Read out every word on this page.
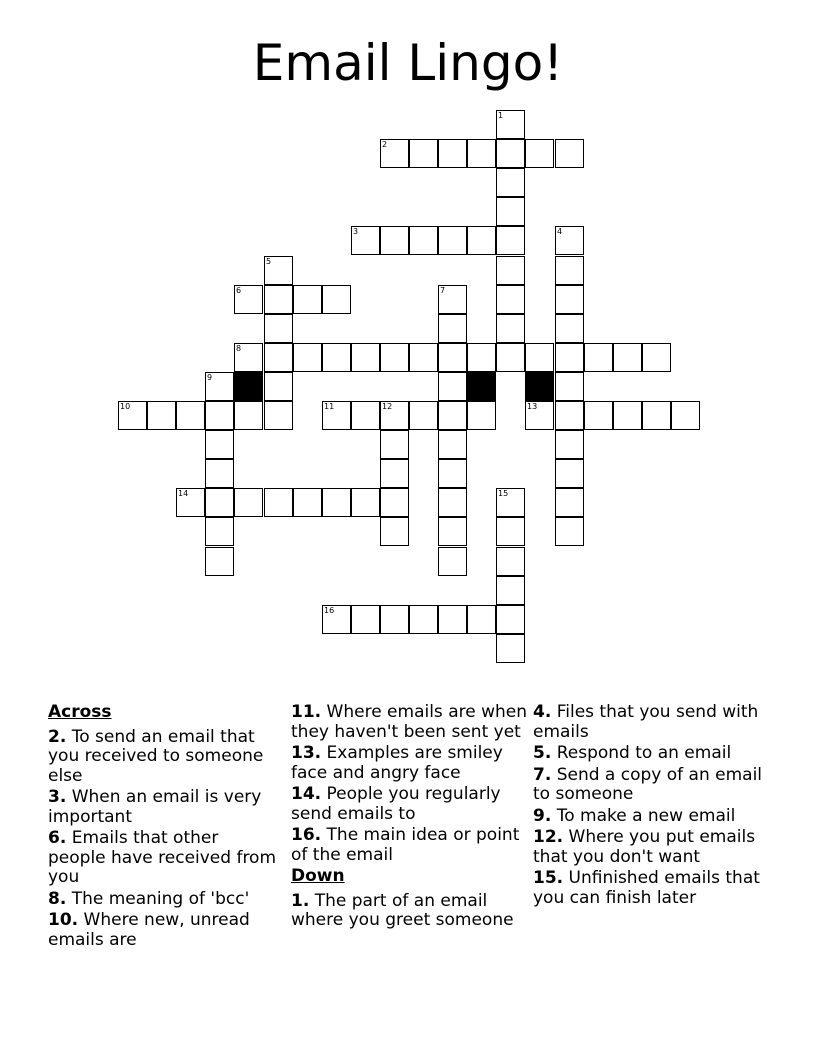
Email Lingo!
1
2
3	4
5
6	7
8
9
10	11	12	13
14	15
16
Across
2. To send an email that you received to someone else
3. When an email is very important
6. Emails that other people have received from you
8. The meaning of 'bcc'
10. Where new, unread emails are
11. Where emails are when they haven't been sent yet
13. Examples are smiley face and angry face
14. People you regularly send emails to
16. The main idea or point of the email
Down
1. The part of an email where you greet someone
4. Files that you send with emails
5. Respond to an email
7. Send a copy of an email to someone
9. To make a new email
12. Where you put emails that you don't want
15. Unfinished emails that you can finish later
